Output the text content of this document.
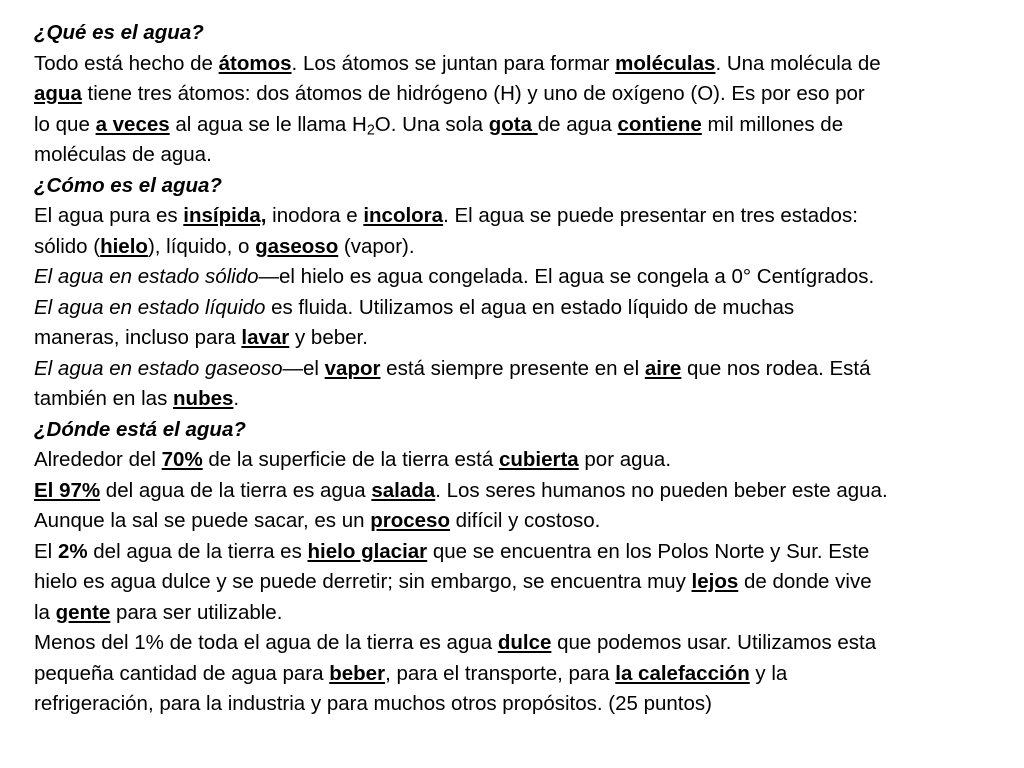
¿Qué es el agua?
Todo está hecho de átomos. Los átomos se juntan para formar moléculas. Una molécula de
agua tiene tres átomos: dos átomos de hidrógeno (H) y uno de oxígeno (O). Es por eso por
lo que a veces al agua se le llama $H_2O$. Una sola gota de agua contiene mil millones de
moléculas de agua.
¿Cómo es el agua?
El agua pura es insípida, inodora e incolora. El agua se puede presentar en tres estados:
sólido (hielo), líquido, o gaseoso (vapor).
El agua en estado sólido—el hielo es agua congelada. El agua se congela a 0° Centígrados.
El agua en estado líquido es fluida. Utilizamos el agua en estado líquido de muchas
maneras, incluso para lavar y beber.
El agua en estado gaseoso—el vapor está siempre presente en el aire que nos rodea. Está
también en las nubes.
¿Dónde está el agua?
Alrededor del 70% de la superficie de la tierra está cubierta por agua.
El 97% del agua de la tierra es agua salada. Los seres humanos no pueden beber este agua.
Aunque la sal se puede sacar, es un proceso difícil y costoso.
El 2% del agua de la tierra es hielo glaciar que se encuentra en los Polos Norte y Sur. Este
hielo es agua dulce y se puede derretir; sin embargo, se encuentra muy lejos de donde vive
la gente para ser utilizable.
Menos del 1% de toda el agua de la tierra es agua dulce que podemos usar. Utilizamos esta
pequeña cantidad de agua para beber, para el transporte, para la calefacción y la
refrigeración, para la industria y para muchos otros propósitos. (25 puntos)
